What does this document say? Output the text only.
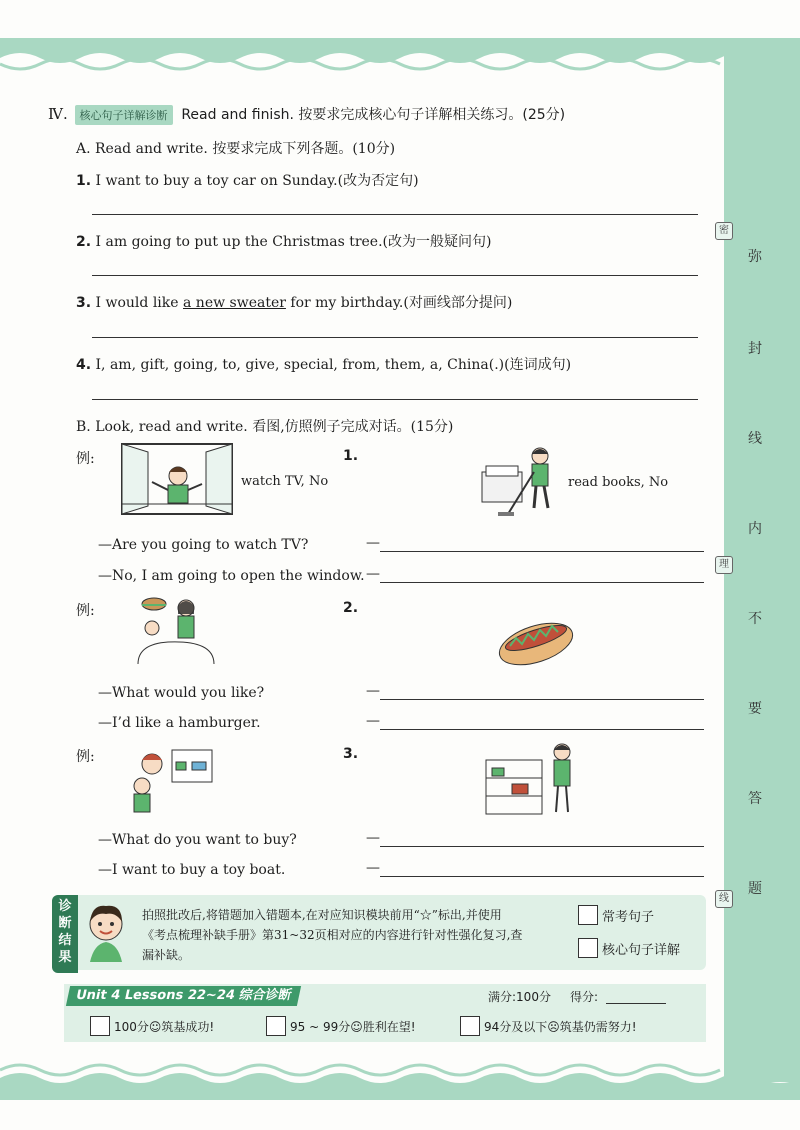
弥
封
线
内
不
要
答
题
密
理
线
Ⅳ. 核心句子详解诊断 Read and finish. 按要求完成核心句子详解相关练习。(25分)
A. Read and write. 按要求完成下列各题。(10分)
1. I want to buy a toy car on Sunday.(改为否定句)
2. I am going to put up the Christmas tree.(改为一般疑问句)
3. I would like a new sweater for my birthday.(对画线部分提问)
4. I, am, gift, going, to, give, special, from, them, a, China(.)(连词成句)
B. Look, read and write. 看图,仿照例子完成对话。(15分)
例:
watch TV, No
—Are you going to watch TV?
—No, I am going to open the window.
1.
read books, No
—
—
例:
—What would you like?
—I’d like a hamburger.
2.
—
—
例:
—What do you want to buy?
—I want to buy a toy boat.
3.
—
—
诊
断
结
果
拍照批改后,将错题加入错题本,在对应知识模块前用“☆”标出,并使用
《考点梳理补缺手册》第31~32页相对应的内容进行针对性强化复习,查
漏补缺。
常考句子
核心句子详解
Unit 4 Lessons 22~24 综合诊断	满分:100分 得分:
100分☺筑基成功!	95 ~ 99分☺胜利在望!	94分及以下☹筑基仍需努力!
